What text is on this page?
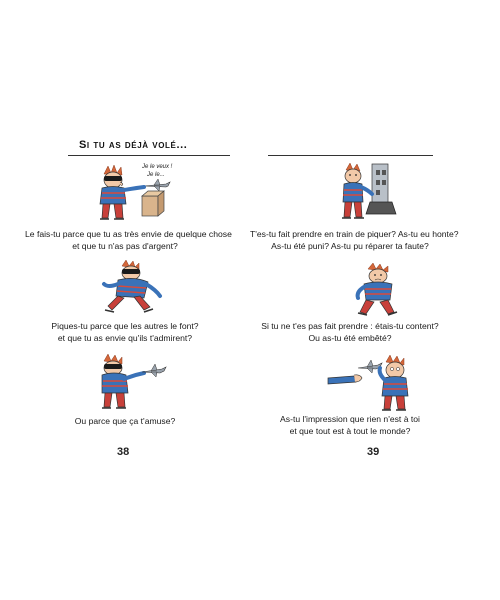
Si tu as déjà volé...
Je le veux !
Je le...
Le fais-tu parce que tu as très envie de quelque chose
et que tu n'as pas d'argent?
Piques-tu parce que les autres le font?
et que tu as envie qu'ils t'admirent?
Ou parce que ça t'amuse?
38
T'es-tu fait prendre en train de piquer? As-tu eu honte?
As-tu été puni? As-tu pu réparer ta faute?
Si tu ne t'es pas fait prendre : étais-tu content?
Ou as-tu été embêté?
As-tu l'impression que rien n'est à toi
et que tout est à tout le monde?
39
